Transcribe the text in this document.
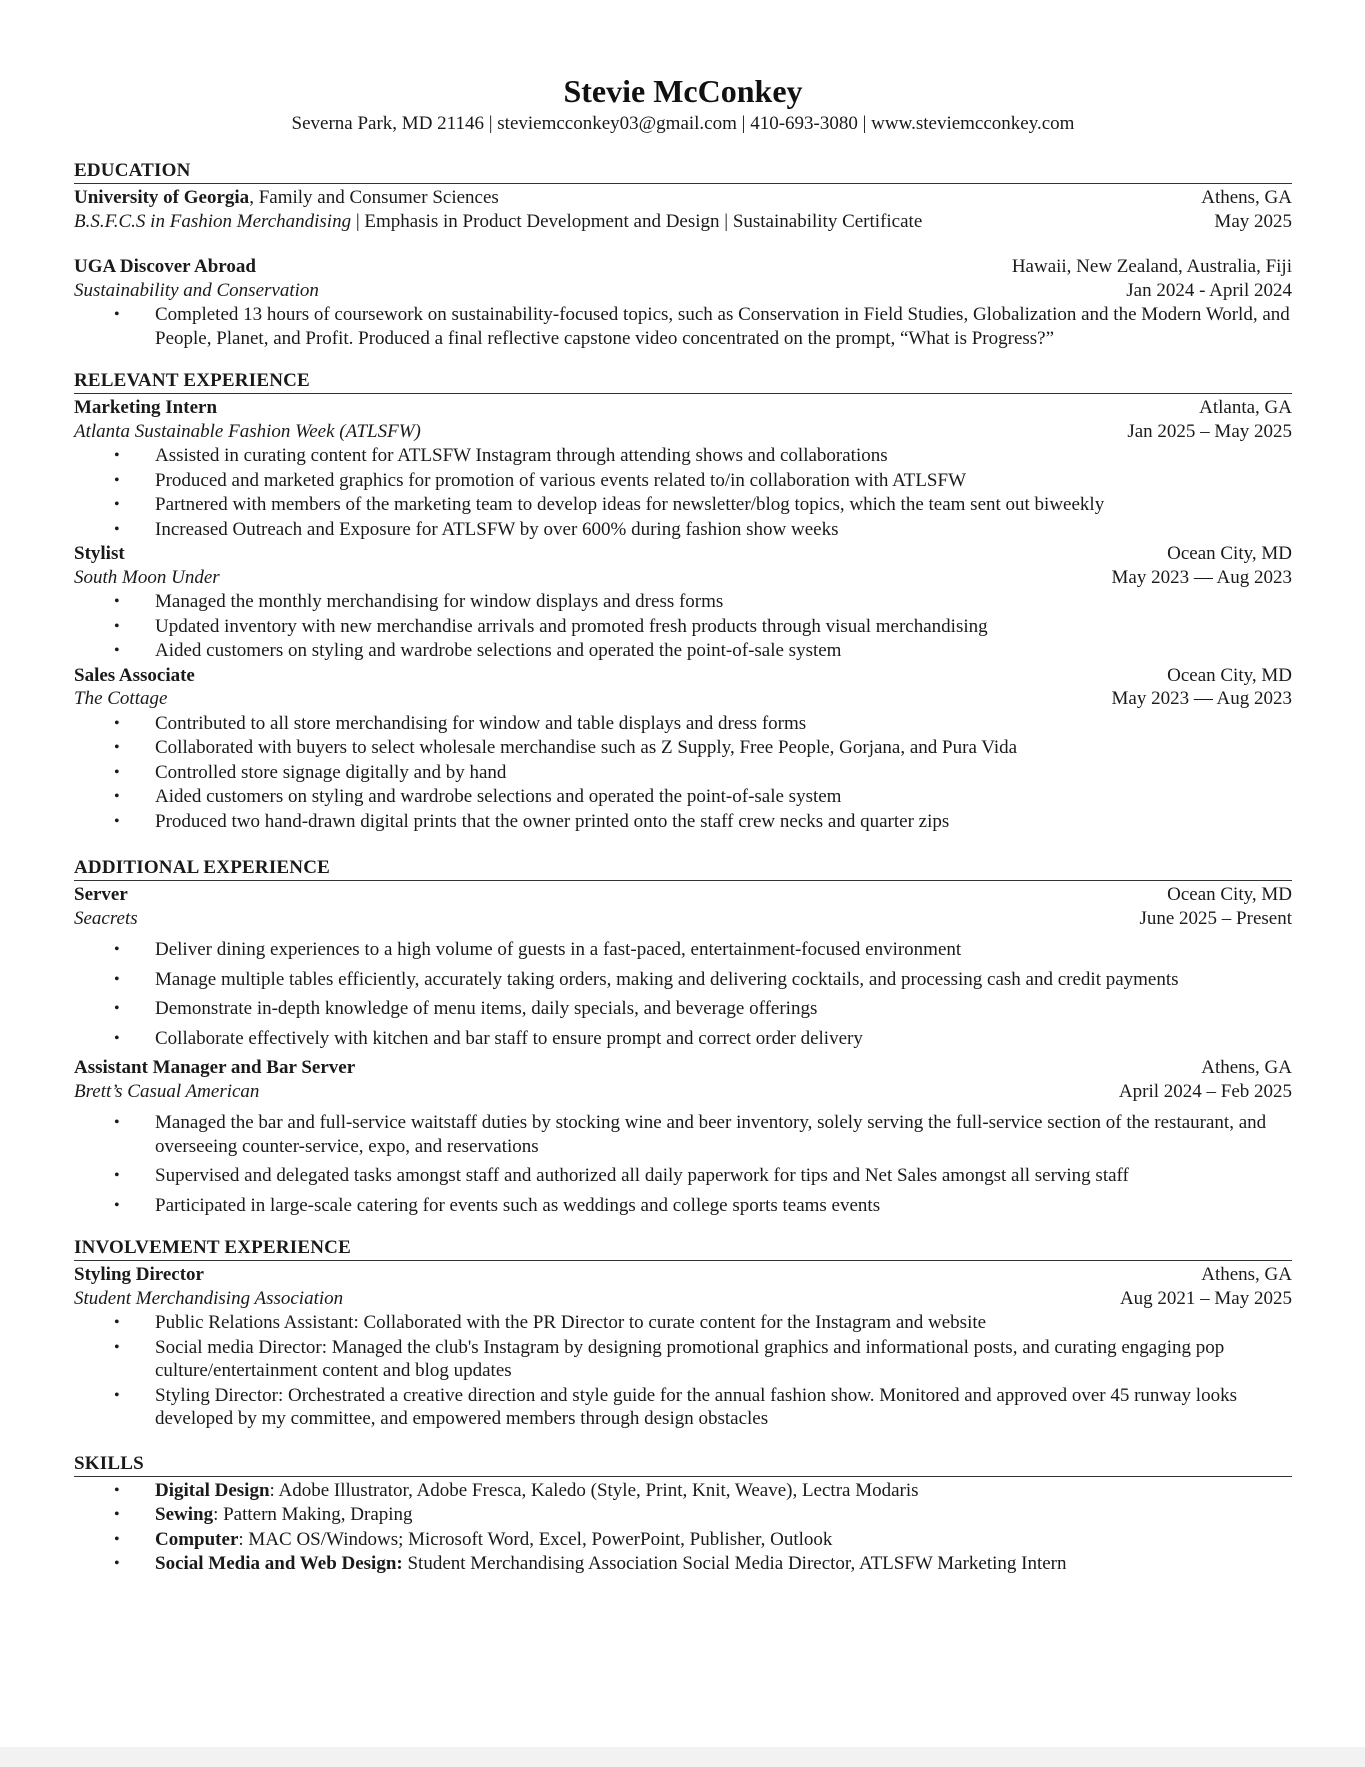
Stevie McConkey
Severna Park, MD 21146 | steviemcconkey03@gmail.com | 410-693-3080 | www.steviemcconkey.com
EDUCATION
University of Georgia, Family and Consumer Sciences	Athens, GA
B.S.F.C.S in Fashion Merchandising | Emphasis in Product Development and Design | Sustainability Certificate	May 2025
UGA Discover Abroad	Hawaii, New Zealand, Australia, Fiji
Sustainability and Conservation	Jan 2024 - April 2024
• Completed 13 hours of coursework on sustainability-focused topics, such as Conservation in Field Studies, Globalization and the Modern World, and People, Planet, and Profit. Produced a final reflective capstone video concentrated on the prompt, “What is Progress?”
RELEVANT EXPERIENCE
Marketing Intern	Atlanta, GA
Atlanta Sustainable Fashion Week (ATLSFW)	Jan 2025 – May 2025
• Assisted in curating content for ATLSFW Instagram through attending shows and collaborations
• Produced and marketed graphics for promotion of various events related to/in collaboration with ATLSFW
• Partnered with members of the marketing team to develop ideas for newsletter/blog topics, which the team sent out biweekly
• Increased Outreach and Exposure for ATLSFW by over 600% during fashion show weeks
Stylist	Ocean City, MD
South Moon Under	May 2023 — Aug 2023
• Managed the monthly merchandising for window displays and dress forms
• Updated inventory with new merchandise arrivals and promoted fresh products through visual merchandising
• Aided customers on styling and wardrobe selections and operated the point-of-sale system
Sales Associate	Ocean City, MD
The Cottage	May 2023 — Aug 2023
• Contributed to all store merchandising for window and table displays and dress forms
• Collaborated with buyers to select wholesale merchandise such as Z Supply, Free People, Gorjana, and Pura Vida
• Controlled store signage digitally and by hand
• Aided customers on styling and wardrobe selections and operated the point-of-sale system
• Produced two hand-drawn digital prints that the owner printed onto the staff crew necks and quarter zips
ADDITIONAL EXPERIENCE
Server	Ocean City, MD
Seacrets	June 2025 – Present
• Deliver dining experiences to a high volume of guests in a fast-paced, entertainment-focused environment
• Manage multiple tables efficiently, accurately taking orders, making and delivering cocktails, and processing cash and credit payments
• Demonstrate in-depth knowledge of menu items, daily specials, and beverage offerings
• Collaborate effectively with kitchen and bar staff to ensure prompt and correct order delivery
Assistant Manager and Bar Server	Athens, GA
Brett’s Casual American	April 2024 – Feb 2025
• Managed the bar and full-service waitstaff duties by stocking wine and beer inventory, solely serving the full-service section of the restaurant, and overseeing counter-service, expo, and reservations
• Supervised and delegated tasks amongst staff and authorized all daily paperwork for tips and Net Sales amongst all serving staff
• Participated in large-scale catering for events such as weddings and college sports teams events
INVOLVEMENT EXPERIENCE
Styling Director	Athens, GA
Student Merchandising Association	Aug 2021 – May 2025
• Public Relations Assistant: Collaborated with the PR Director to curate content for the Instagram and website
• Social media Director: Managed the club's Instagram by designing promotional graphics and informational posts, and curating engaging pop culture/entertainment content and blog updates
• Styling Director: Orchestrated a creative direction and style guide for the annual fashion show. Monitored and approved over 45 runway looks developed by my committee, and empowered members through design obstacles
SKILLS
• Digital Design: Adobe Illustrator, Adobe Fresca, Kaledo (Style, Print, Knit, Weave), Lectra Modaris
• Sewing: Pattern Making, Draping
• Computer: MAC OS/Windows; Microsoft Word, Excel, PowerPoint, Publisher, Outlook
• Social Media and Web Design: Student Merchandising Association Social Media Director, ATLSFW Marketing Intern
